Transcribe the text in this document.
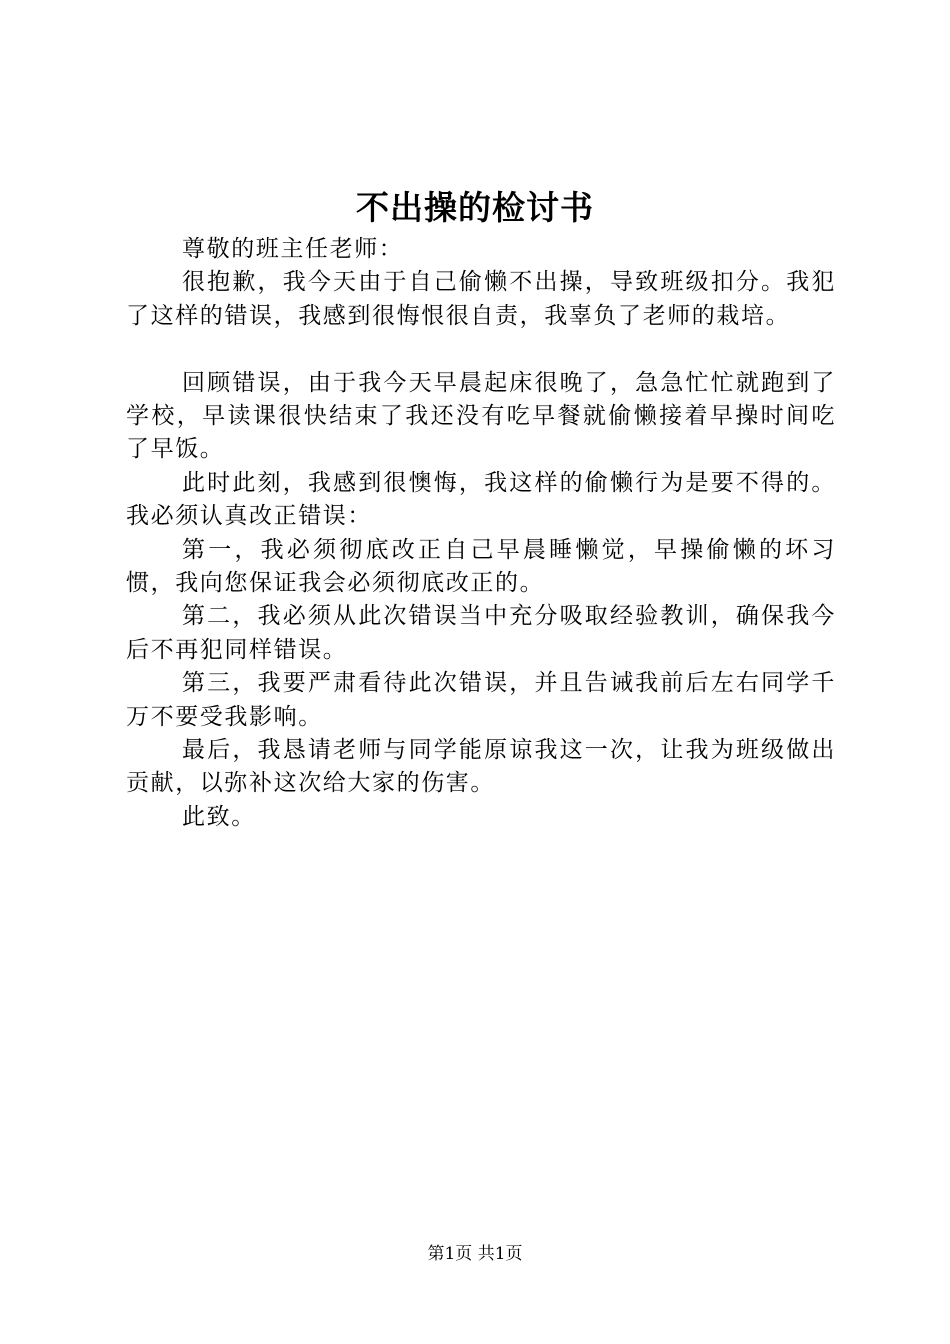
不出操的检讨书

尊敬的班主任老师：

很抱歉，我今天由于自己偷懒不出操，导致班级扣分。我犯了这样的错误，我感到很悔恨很自责，我辜负了老师的栽培。

回顾错误，由于我今天早晨起床很晚了，急急忙忙就跑到了学校，早读课很快结束了我还没有吃早餐就偷懒接着早操时间吃了早饭。

此时此刻，我感到很懊悔，我这样的偷懒行为是要不得的。我必须认真改正错误：

第一，我必须彻底改正自己早晨睡懒觉，早操偷懒的坏习惯，我向您保证我会必须彻底改正的。

第二，我必须从此次错误当中充分吸取经验教训，确保我今后不再犯同样错误。

第三，我要严肃看待此次错误，并且告诫我前后左右同学千万不要受我影响。

最后，我恳请老师与同学能原谅我这一次，让我为班级做出贡献，以弥补这次给大家的伤害。

此致。

第1页 共1页
